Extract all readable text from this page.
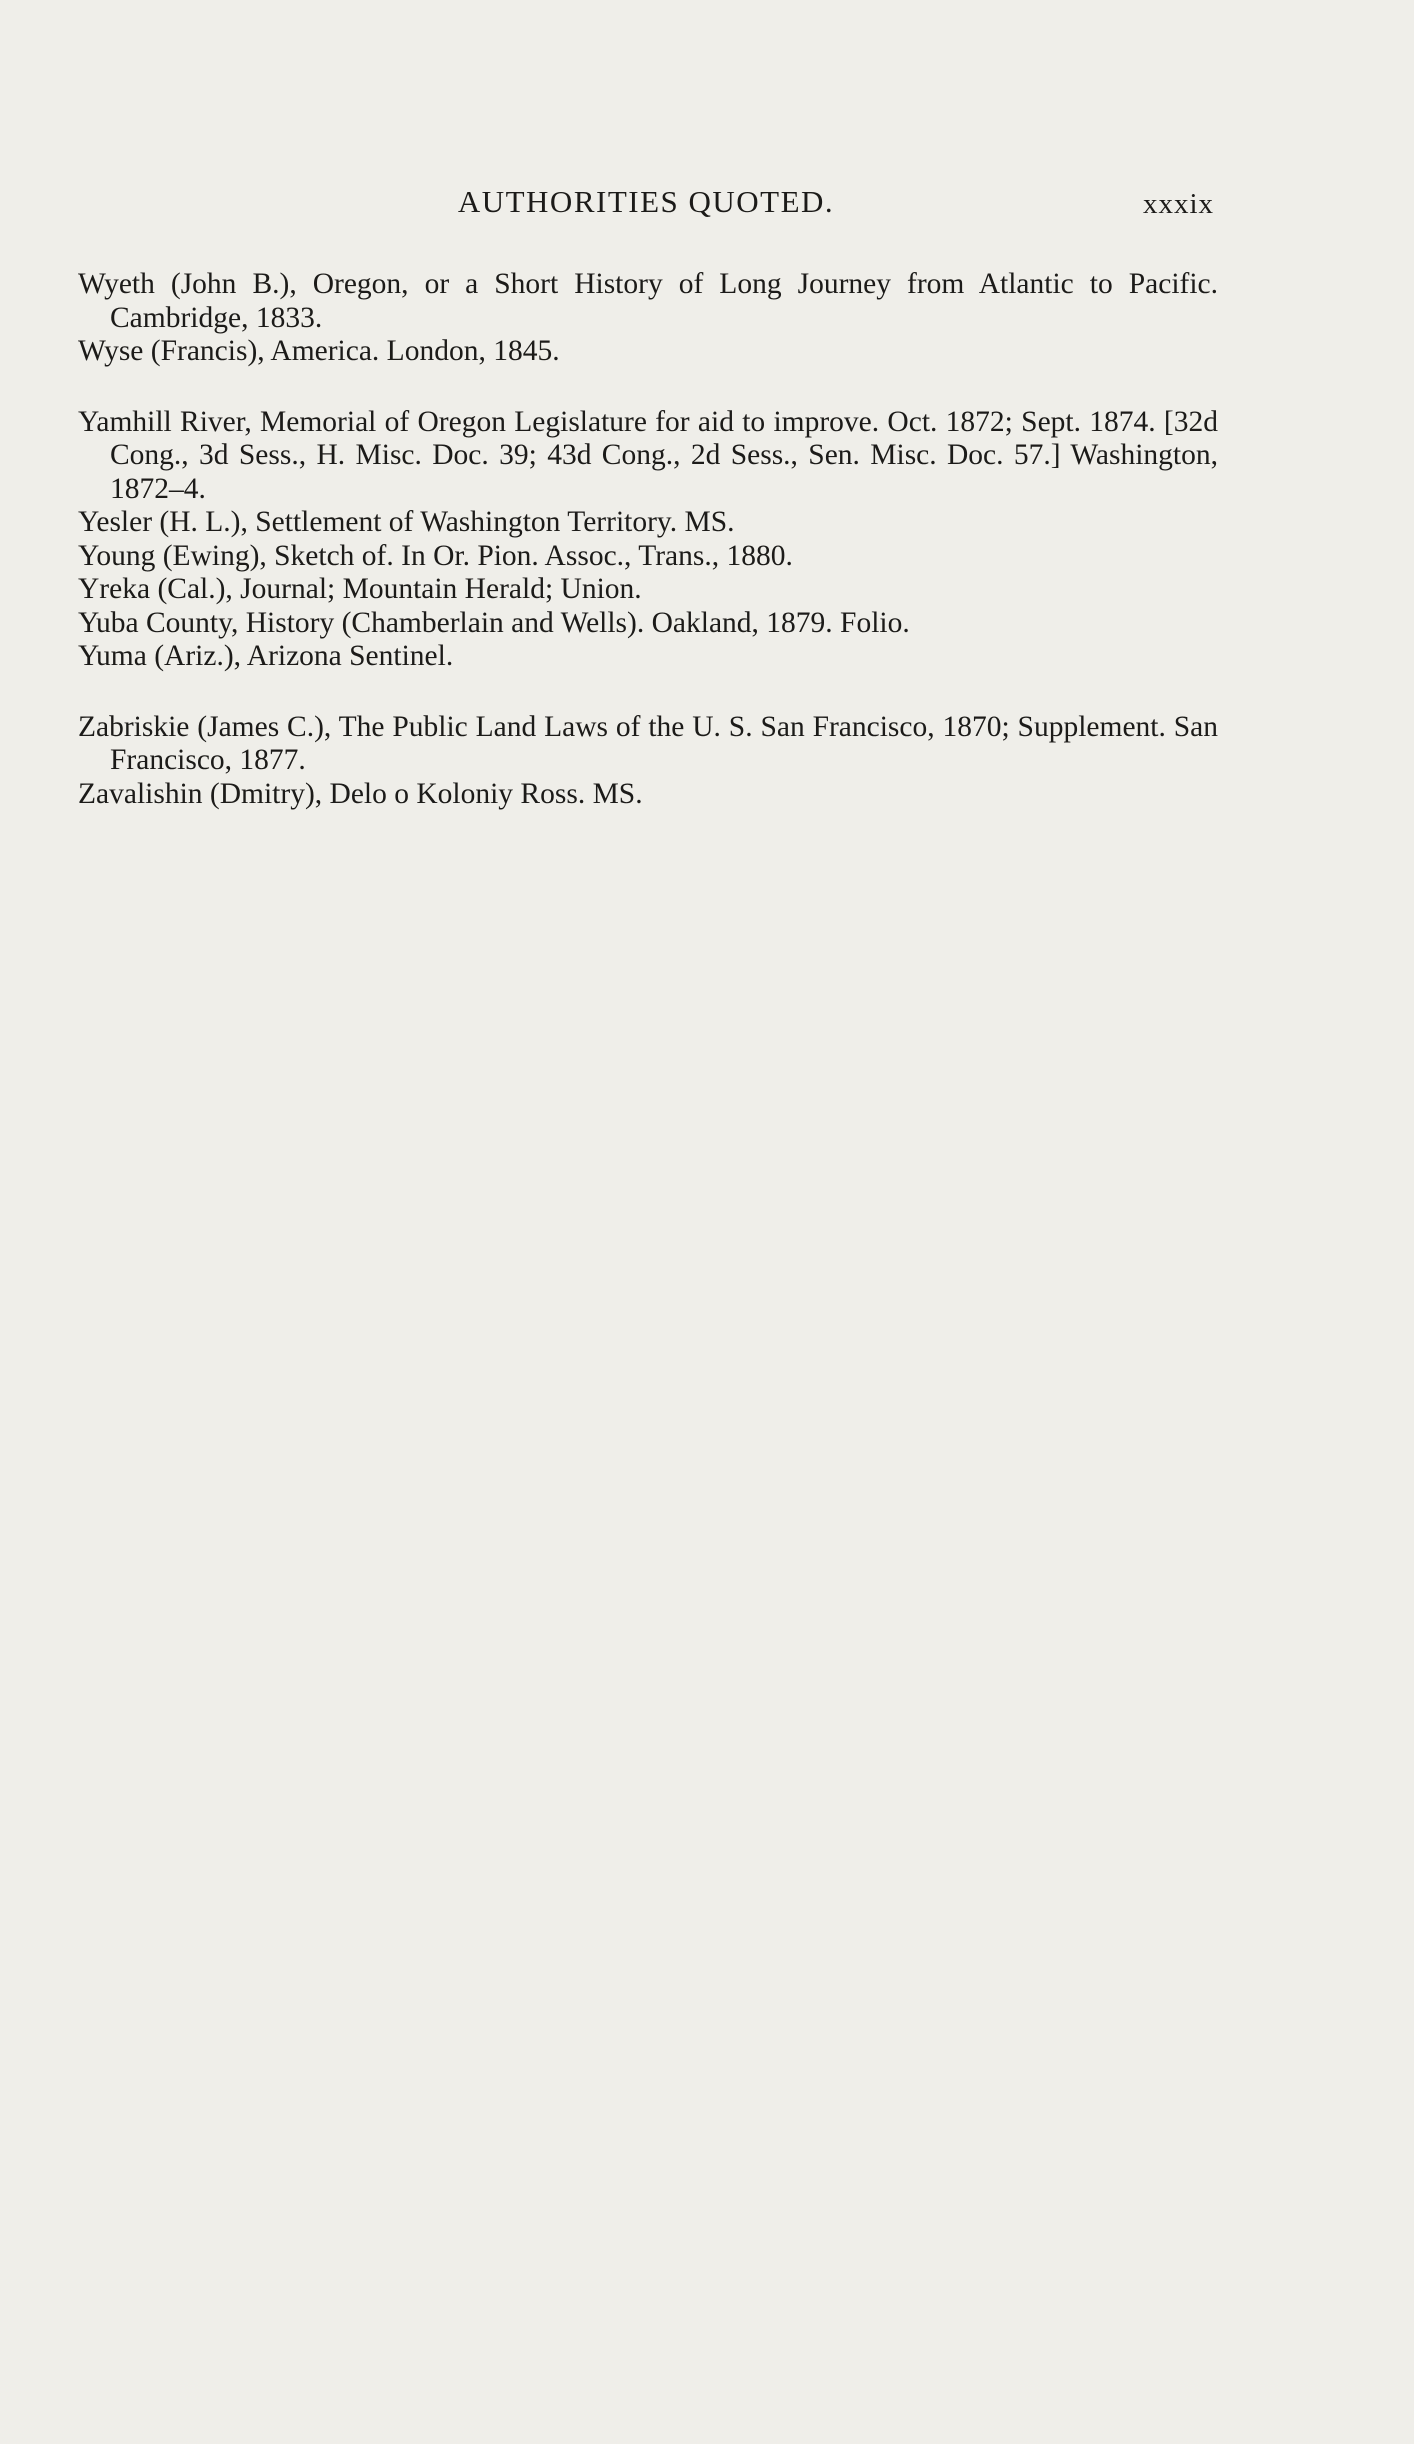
AUTHORITIES QUOTED.	xxxix

Wyeth (John B.), Oregon, or a Short History of Long Journey from Atlantic to Pacific. Cambridge, 1833.

Wyse (Francis), America. London, 1845.

Yamhill River, Memorial of Oregon Legislature for aid to improve. Oct. 1872; Sept. 1874. [32d Cong., 3d Sess., H. Misc. Doc. 39; 43d Cong., 2d Sess., Sen. Misc. Doc. 57.] Washington, 1872–4.

Yesler (H. L.), Settlement of Washington Territory. MS.

Young (Ewing), Sketch of. In Or. Pion. Assoc., Trans., 1880.

Yreka (Cal.), Journal; Mountain Herald; Union.

Yuba County, History (Chamberlain and Wells). Oakland, 1879. Folio.

Yuma (Ariz.), Arizona Sentinel.

Zabriskie (James C.), The Public Land Laws of the U. S. San Francisco, 1870; Supplement. San Francisco, 1877.

Zavalishin (Dmitry), Delo o Koloniy Ross. MS.
